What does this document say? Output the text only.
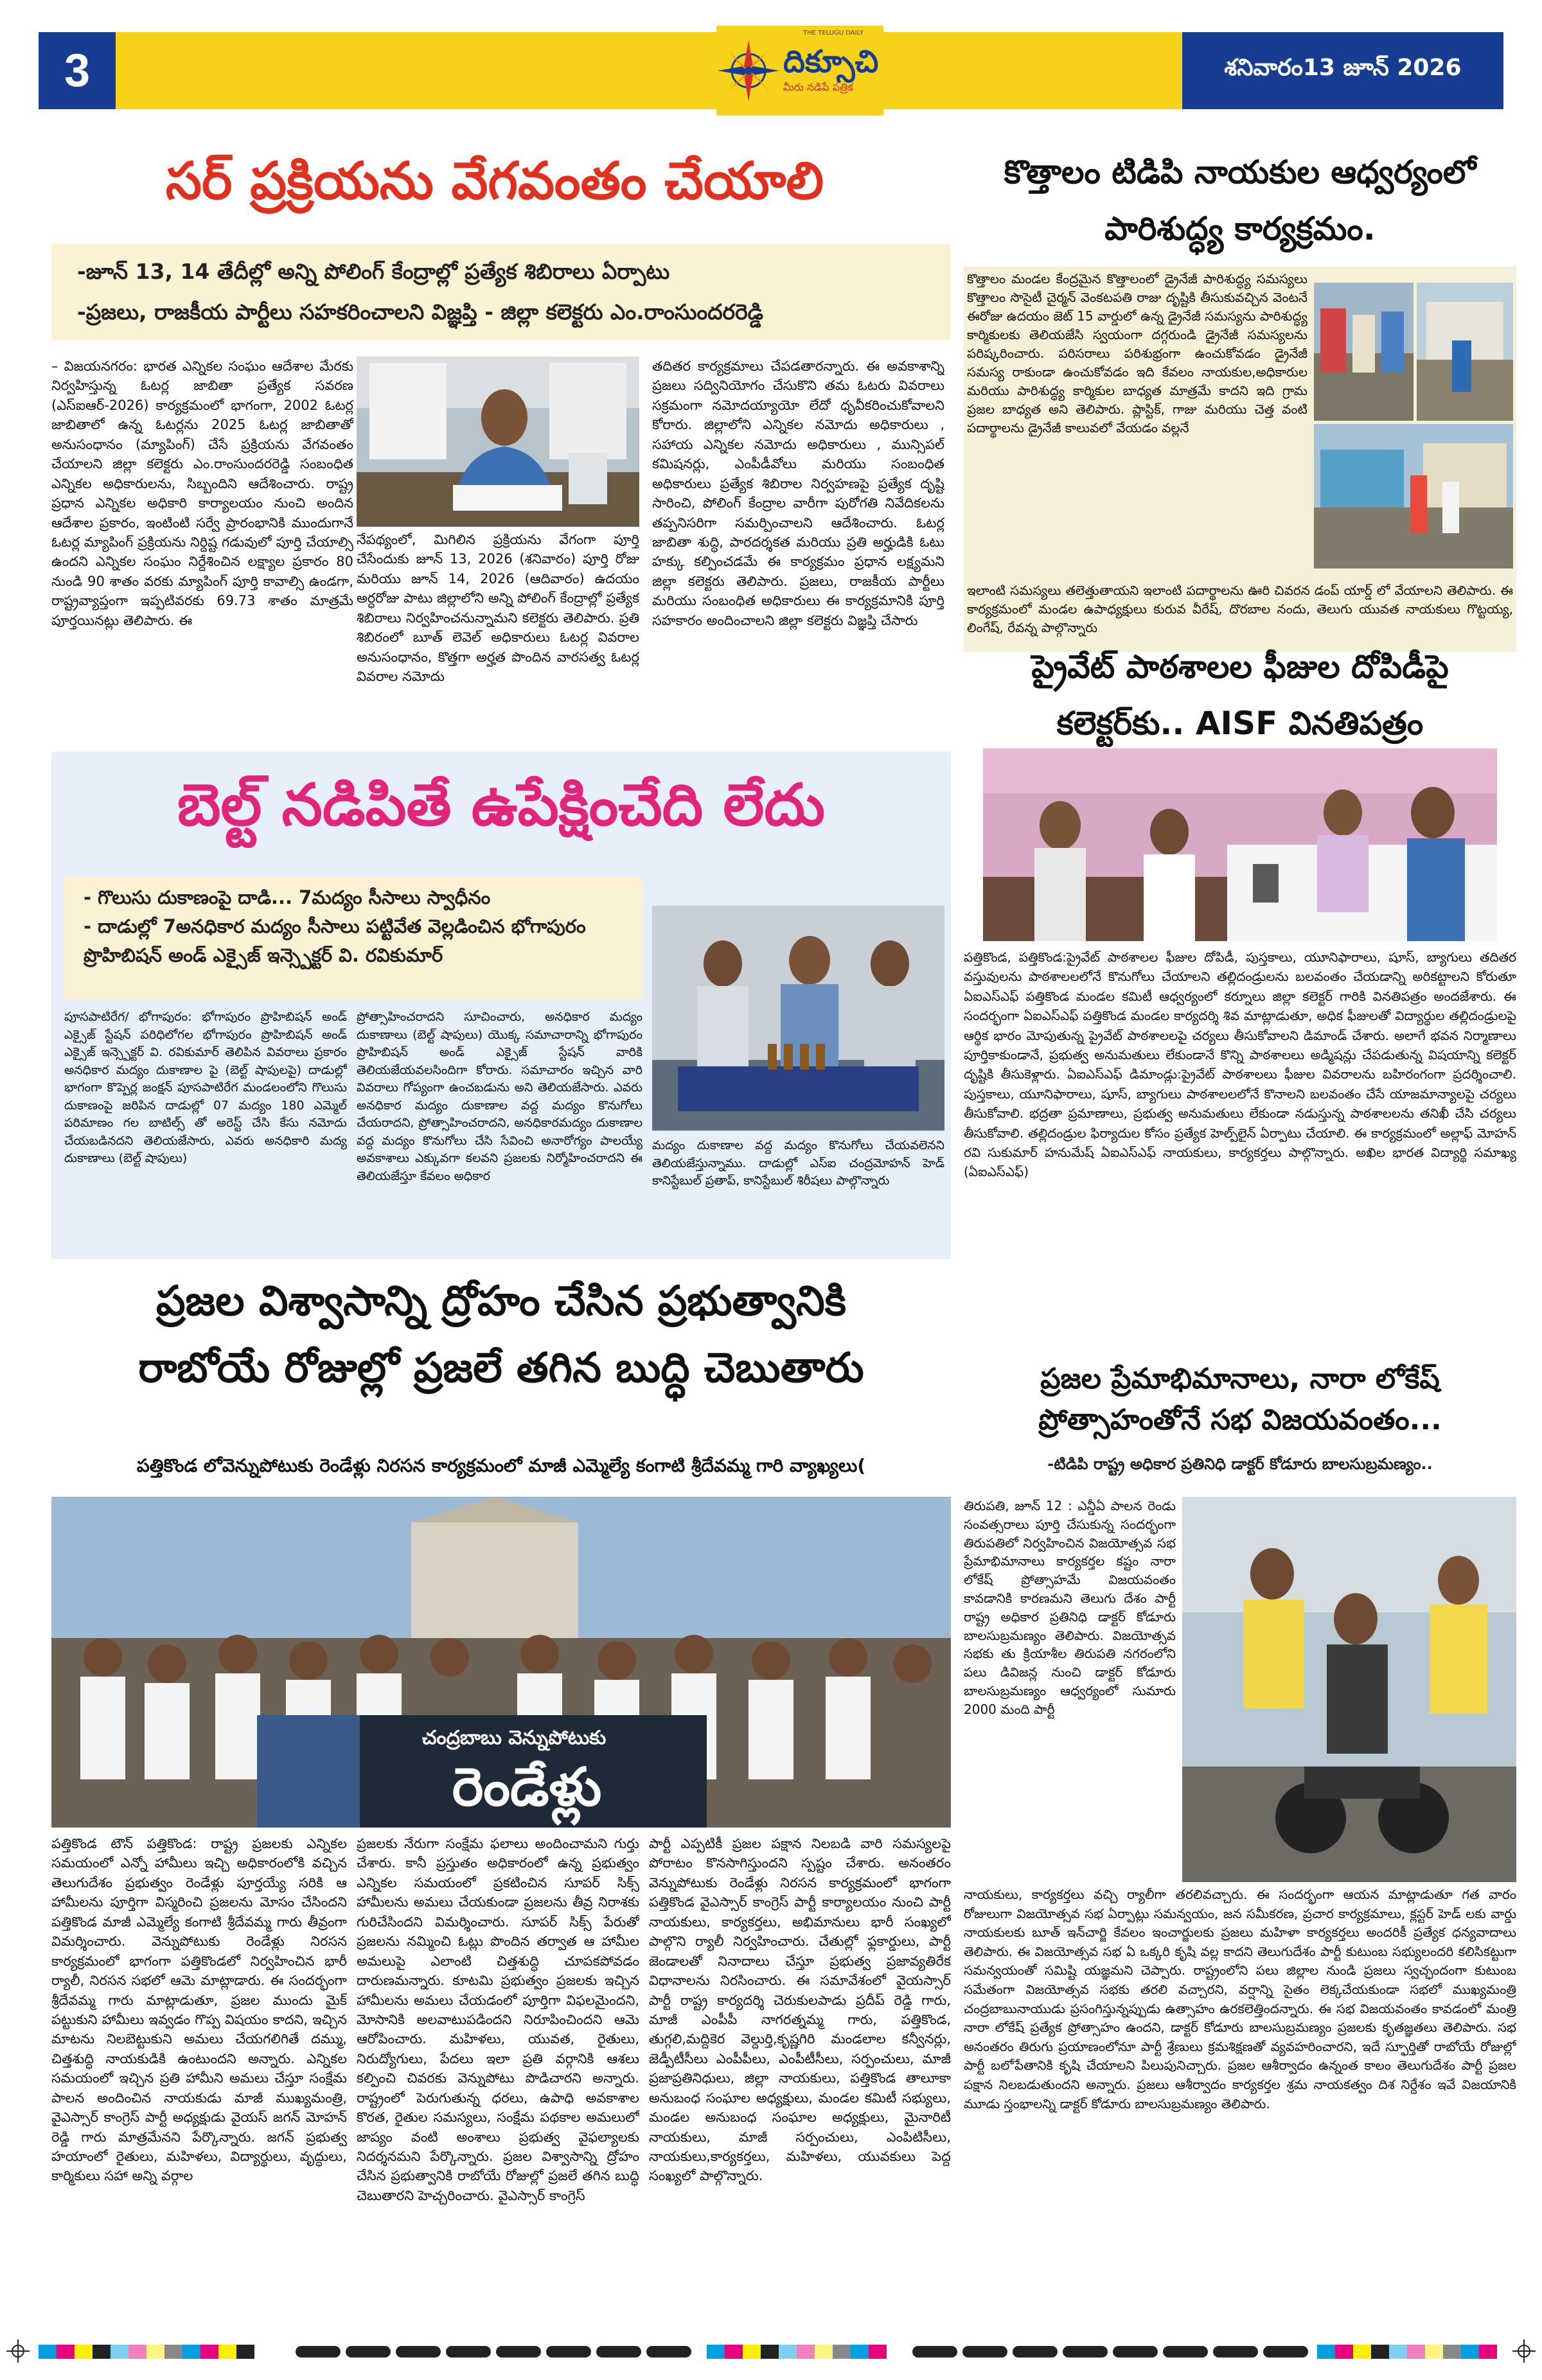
3	శనివారం13 జూన్ 2026
దిక్సూచి
మీరు నడిపే పత్రిక
THE TELUGU DAILY
సర్ ప్రక్రియను వేగవంతం చేయాలి

-జూన్ 13, 14 తేదీల్లో అన్ని పోలింగ్ కేంద్రాల్లో ప్రత్యేక శిబిరాలు ఏర్పాటు

-ప్రజలు, రాజకీయ పార్టీలు సహకరించాలని విజ్ఞప్తి - జిల్లా కలెక్టరు ఎం.రాంసుందరరెడ్డి

– విజయనగరం: భారత ఎన్నికల సంఘం ఆదేశాల మేరకు నిర్వహిస్తున్న ఓటర్ల జాబితా ప్రత్యేక సవరణ (ఎస్ఐఆర్-2026) కార్యక్రమంలో భాగంగా, 2002 ఓటర్ల జాబితాలో ఉన్న ఓటర్లను 2025 ఓటర్ల జాబితాతో అనుసంధానం (మ్యాపింగ్) చేసే ప్రక్రియను వేగవంతం చేయాలని జిల్లా కలెక్టరు ఎం.రాంసుందరరెడ్డి సంబంధిత ఎన్నికల అధికారులను, సిబ్బందిని ఆదేశించారు. రాష్ట్ర ప్రధాన ఎన్నికల అధికారి కార్యాలయం నుంచి అందిన ఆదేశాల ప్రకారం, ఇంటింటి సర్వే ప్రారంభానికి ముందుగానే ఓటర్ల మ్యాపింగ్ ప్రక్రియను నిర్దిష్ట గడువులో పూర్తి చేయాల్సి ఉందని ఎన్నికల సంఘం నిర్దేశించిన లక్ష్యాల ప్రకారం 80 నుండి 90 శాతం వరకు మ్యాపింగ్ పూర్తి కావాల్సి ఉండగా, రాష్ట్రవ్యాప్తంగా ఇప్పటివరకు 69.73 శాతం మాత్రమే పూర్తయినట్లు తెలిపారు. ఈ
నేపథ్యంలో, మిగిలిన ప్రక్రియను వేగంగా పూర్తి చేసేందుకు జూన్ 13, 2026 (శనివారం) పూర్తి రోజు మరియు జూన్ 14, 2026 (ఆదివారం) ఉదయం అర్ధరోజు పాటు జిల్లాలోని అన్ని పోలింగ్ కేంద్రాల్లో ప్రత్యేక శిబిరాలు నిర్వహించనున్నామని కలెక్టరు తెలిపారు. ప్రతి శిబిరంలో బూత్ లెవెల్ అధికారులు ఓటర్ల వివరాల అనుసంధానం, కొత్తగా అర్హత పొందిన వారసత్వ ఓటర్ల వివరాల నమోదు
తదితర కార్యక్రమాలు చేపడతారన్నారు. ఈ అవకాశాన్ని ప్రజలు సద్వినియోగం చేసుకొని తమ ఓటరు వివరాలు సక్రమంగా నమోదయ్యాయో లేదో ధృవీకరించుకోవాలని కోరారు. జిల్లాలోని ఎన్నికల నమోదు అధికారులు , సహాయ ఎన్నికల నమోదు అధికారులు , మున్సిపల్ కమిషనర్లు, ఎంపీడీవోలు మరియు సంబంధిత అధికారులు ప్రత్యేక శిబిరాల నిర్వహణపై ప్రత్యేక దృష్టి సారించి, పోలింగ్ కేంద్రాల వారీగా పురోగతి నివేదికలను తప్పనిసరిగా సమర్పించాలని ఆదేశించారు. ఓటర్ల జాబితా శుద్ధి, పారదర్శకత మరియు ప్రతి అర్హుడికి ఓటు హక్కు కల్పించడమే ఈ కార్యక్రమం ప్రధాన లక్ష్యమని జిల్లా కలెక్టరు తెలిపారు. ప్రజలు, రాజకీయ పార్టీలు మరియు సంబంధిత అధికారులు ఈ కార్యక్రమానికి పూర్తి సహకారం అందించాలని జిల్లా కలెక్టరు విజ్ఞప్తి చేసారు
కొత్తాలం టిడిపి నాయకుల ఆధ్వర్యంలో పారిశుద్ధ్య కార్యక్రమం.
కొత్తాలం మండల కేంద్రమైన కొత్తాలంలో డ్రైనేజీ పారిశుద్ధ్య సమస్యలు కొత్తాలం సొసైటీ చైర్మన్ వెంకటపతి రాజు దృష్టికి తీసుకువచ్చిన వెంటనే ఈరోజు ఉదయం జెట్ 15 వార్డులో ఉన్న డ్రైనేజీ సమస్యను పారిశుద్ధ్య కార్మికులకు తెలియజేసి స్వయంగా దగ్గరుండి డ్రైనేజీ సమస్యలను పరిష్కరించారు. పరిసరాలు పరిశుభ్రంగా ఉంచుకోవడం డ్రైనేజీ సమస్య రాకుండా ఉంచుకోవడం ఇది కేవలం నాయకుల,అధికారుల మరియు పారిశుద్ధ్య కార్మికుల బాధ్యత మాత్రమే కాదని ఇది గ్రామ ప్రజల బాధ్యత అని తెలిపారు. ప్లాస్టిక్, గాజు మరియు చెత్త వంటి పదార్థాలను డ్రైనేజీ కాలువలో వేయడం వల్లనే
ఇలాంటి సమస్యలు తలెత్తుతాయని ఇలాంటి పదార్థాలను ఊరి చివరన డంప్ యార్డ్ లో వేయాలని తెలిపారు. ఈ కార్యక్రమంలో మండల ఉపాధ్యక్షులు కురువ వీరేష్, దొరబాల నందు, తెలుగు యువత నాయకులు గొట్టయ్య, లింగేష్, రేవన్న పాల్గొన్నారు
ప్రైవేట్ పాఠశాలల ఫీజుల దోపిడీపై కలెక్టర్‌కు.. AISF వినతిపత్రం
పత్తికొండ, పత్తికొండ:ప్రైవేట్ పాఠశాలల ఫీజుల దోపిడీ, పుస్తకాలు, యూనిఫారాలు, షూస్, బ్యాగులు తదితర వస్తువులను పాఠశాలలలోనే కొనుగోలు చేయాలని తల్లిదండ్రులను బలవంతం చేయడాన్ని అరికట్టాలని కోరుతూ ఏఐఎస్ఎఫ్ పత్తికొండ మండల కమిటీ ఆధ్వర్యంలో కర్నూలు జిల్లా కలెక్టర్ గారికి వినతిపత్రం అందజేశారు. ఈ సందర్భంగా ఏఐఎస్ఎఫ్ పత్తికొండ మండల కార్యదర్శి శివ మాట్లాడుతూ, అధిక ఫీజులతో విద్యార్థుల తల్లిదండ్రులపై ఆర్థిక భారం మోపుతున్న ప్రైవేట్ పాఠశాలలపై చర్యలు తీసుకోవాలని డిమాండ్ చేశారు. అలాగే భవన నిర్మాణాలు పూర్తికాకుండానే, ప్రభుత్వ అనుమతులు లేకుండానే కొన్ని పాఠశాలలు అడ్మిషన్లు చేపడుతున్న విషయాన్ని కలెక్టర్ దృష్టికి తీసుకెళ్లారు. ఏఐఎస్ఎఫ్ డిమాండ్లు:ప్రైవేట్ పాఠశాలలు ఫీజుల వివరాలను బహిరంగంగా ప్రదర్శించాలి. పుస్తకాలు, యూనిఫారాలు, షూస్, బ్యాగులు పాఠశాలలలోనే కొనాలని బలవంతం చేసే యాజమాన్యాలపై చర్యలు తీసుకోవాలి. భద్రతా ప్రమాణాలు, ప్రభుత్వ అనుమతులు లేకుండా నడుస్తున్న పాఠశాలలను తనిఖీ చేసి చర్యలు తీసుకోవాలి. తల్లిదండ్రుల ఫిర్యాదుల కోసం ప్రత్యేక హెల్ప్‌లైన్ ఏర్పాటు చేయాలి. ఈ కార్యక్రమంలో అల్లాఫ్ మోహన్ రవి సుకుమార్ హనుమేష్ ఏఐఎస్ఎఫ్ నాయకులు, కార్యకర్తలు పాల్గొన్నారు. అఖిల భారత విద్యార్థి సమాఖ్య (ఏఐఎస్ఎఫ్)
బెల్ట్ నడిపితే ఉపేక్షించేది లేదు

- గొలుసు దుకాణంపై దాడి... 7మద్యం సీసాలు స్వాధీనం

- దాడుల్లో 7అనధికార మద్యం సీసాలు పట్టివేత వెల్లడించిన భోగాపురం ప్రొహిబిషన్ అండ్ ఎక్సైజ్ ఇన్స్పెక్టర్ వి. రవికుమార్

పూసపాటిరేగ/ భోగాపురం: భోగాపురం ప్రొహిబిషన్ అండ్ ఎక్సైజ్ స్టేషన్ పరిధిలోగల భోగాపురం ప్రొహిబిషన్ అండ్ ఎక్సైజ్ ఇన్స్పెక్టర్ వి. రవికుమార్ తెలిపిన వివరాలు ప్రకారం అనధికార మద్యం దుకాణాల పై (బెల్ట్ షాపులపై) దాడుల్లో భాగంగా కొప్పెర్ల జంక్షన్ పూసపాటిరేగ మండలంలోని గొలుసు దుకాణంపై జరిపిన దాడుల్లో 07 మద్యం 180 ఎమ్మెల్ పరిమాణం గల బాటిల్స్ తో అరెస్ట్ చేసి కేసు నమోదు చేయబడినదని తెలియజేసారు, ఎవరు అనధికారి మద్య దుకాణాలు (బెల్ట్ షాపులు)
ప్రోత్సాహించరాదని సూచించారు, అనధికార మద్యం దుకాణాలు (బెల్ట్ షాపులు) యొక్క సమాచారాన్ని భోగాపురం ప్రొహిబిషన్ అండ్ ఎక్సైజ్ స్టేషన్ వారికి తెలియజేయవలసిందిగా కోరారు. సమాచారం ఇచ్చిన వారి వివరాలు గోప్యంగా ఉంచబడును అని తెలియజేసారు. ఎవరు అనధికార మద్యం దుకాణాల వద్ద మద్యం కొనుగోలు చేయరాదని, ప్రోత్సాహించరాదని, అనధికారమద్యం దుకాణాల వద్ద మద్యం కొనుగోలు చేసి సేవించి అనారోగ్యం పాలయ్యే అవకాశాలు ఎక్కువగా కలవని ప్రజలకు నిర్మోహించరాదని ఈ తెలియజేస్తూ కేవలం అధికార
మద్యం దుకాణాల వద్ద మద్యం కొనుగోలు చేయవలెనని తెలియజేస్తున్నాము. దాడుల్లో ఎస్ఐ చంద్రమోహన్ హెడ్ కానిస్టేబుల్ ప్రతాప్, కానిస్టేబుల్ శిరీషలు పాల్గొన్నారు
ప్రజల విశ్వాసాన్ని ద్రోహం చేసిన ప్రభుత్వానికి
రాబోయే రోజుల్లో ప్రజలే తగిన బుద్ధి చెబుతారు
పత్తికొండ లోవెన్నుపోటుకు రెండేళ్లు నిరసన కార్యక్రమంలో మాజీ ఎమ్మెల్యే కంగాటి శ్రీదేవమ్మ గారి వ్యాఖ్యలు(
చంద్రబాబు వెన్నుపోటుకు
రెండేళ్లు
పత్తికొండ టౌన్ పత్తికొండ: రాష్ట్ర ప్రజలకు ఎన్నికల సమయంలో ఎన్నో హామీలు ఇచ్చి అధికారంలోకి వచ్చిన తెలుగుదేశం ప్రభుత్వం రెండేళ్లు పూర్తయ్యే సరికి ఆ హామీలను పూర్తిగా విస్మరించి ప్రజలను మోసం చేసిందని పత్తికొండ మాజీ ఎమ్మెల్యే కంగాటి శ్రీదేవమ్మ గారు తీవ్రంగా విమర్శించారు. వెన్నుపోటుకు రెండేళ్లు నిరసన కార్యక్రమంలో భాగంగా పత్తికొండలో నిర్వహించిన భారీ ర్యాలీ, నిరసన సభలో ఆమె మాట్లాడారు. ఈ సందర్భంగా శ్రీదేవమ్మ గారు మాట్లాడుతూ, ప్రజల ముందు మైక్ పట్టుకుని హామీలు ఇవ్వడం గొప్ప విషయం కాదని, ఇచ్చిన మాటను నిలబెట్టుకుని అమలు చేయగలిగితే దమ్ము, చిత్తశుద్ధి నాయకుడికి ఉంటుందని అన్నారు. ఎన్నికల సమయంలో ఇచ్చిన ప్రతి హామీని అమలు చేస్తూ సంక్షేమ పాలన అందించిన నాయకుడు మాజీ ముఖ్యమంత్రి, వైఎస్సార్ కాంగ్రెస్ పార్టీ అధ్యక్షుడు వైయస్ జగన్ మోహన్ రెడ్డి గారు మాత్రమేనని పేర్కొన్నారు. జగన్ ప్రభుత్వ హయాంలో రైతులు, మహిళలు, విద్యార్థులు, వృద్ధులు, కార్మికులు సహా అన్ని వర్గాల
ప్రజలకు నేరుగా సంక్షేమ ఫలాలు అందించామని గుర్తు చేశారు. కానీ ప్రస్తుతం అధికారంలో ఉన్న ప్రభుత్వం ఎన్నికల సమయంలో ప్రకటించిన సూపర్ సిక్స్ హామీలను అమలు చేయకుండా ప్రజలను తీవ్ర నిరాశకు గురిచేసిందని విమర్శించారు. సూపర్ సిక్స్ పేరుతో ప్రజలను నమ్మించి ఓట్లు పొందిన తర్వాత ఆ హామీల అమలుపై ఎలాంటి చిత్తశుద్ధి చూపకపోవడం దారుణమన్నారు. కూటమి ప్రభుత్వం ప్రజలకు ఇచ్చిన హామీలను అమలు చేయడంలో పూర్తిగా విఫలమైందని, మోసానికి అలవాటుపడిందని నిరూపించిందని ఆమె ఆరోపించారు. మహిళలు, యువత, రైతులు, నిరుద్యోగులు, పేదలు ఇలా ప్రతి వర్గానికి ఆశలు కల్పించి చివరకు వెన్నుపోటు పొడిచారని అన్నారు. రాష్ట్రంలో పెరుగుతున్న ధరలు, ఉపాధి అవకాశాల కొరత, రైతుల సమస్యలు, సంక్షేమ పథకాల అమలులో జాప్యం వంటి అంశాలు ప్రభుత్వ వైఫల్యాలకు నిదర్శనమని పేర్కొన్నారు. ప్రజల విశ్వాసాన్ని ద్రోహం చేసిన ప్రభుత్వానికి రాబోయే రోజుల్లో ప్రజలే తగిన బుద్ధి చెబుతారని హెచ్చరించారు. వైఎస్సార్ కాంగ్రెస్
పార్టీ ఎప్పటికీ ప్రజల పక్షాన నిలబడి వారి సమస్యలపై పోరాటం కొనసాగిస్తుందని స్పష్టం చేశారు. అనంతరం వెన్నుపోటుకు రెండేళ్లు నిరసన కార్యక్రమంలో భాగంగా పత్తికొండ వైఎస్సార్ కాంగ్రెస్ పార్టీ కార్యాలయం నుంచి పార్టీ నాయకులు, కార్యకర్తలు, అభిమానులు భారీ సంఖ్యలో పాల్గొని ర్యాలీ నిర్వహించారు. చేతుల్లో ఫ్లకార్డులు, పార్టీ జెండాలతో నినాదాలు చేస్తూ ప్రభుత్వ ప్రజావ్యతిరేక విధానాలను నిరసించారు. ఈ సమావేశంలో వైయస్సార్ పార్టీ రాష్ట్ర కార్యదర్శి చెరుకులపాడు ప్రదీప్ రెడ్డి గారు, మాజీ ఎంపీపీ నాగరత్నమ్మ గారు, పత్తికొండ, తుగ్గలి,మద్దికెర వెల్దుర్తి,కృష్ణగిరి మండలాల కన్వీనర్లు, జెడ్పీటీసీలు ఎంపీపీలు, ఎంపీటీసీలు, సర్పంచులు, మాజీ ప్రజాప్రతినిధులు, జిల్లా నాయకులు, పత్తికొండ తాలూకా అనుబంధ సంఘాల అధ్యక్షులు, మండల కమిటీ సభ్యులు, మండల అనుబంధ సంఘాల అధ్యక్షులు, మైనారిటీ నాయకులు, మాజీ సర్పంచులు, ఎంపిటిసీలు, నాయకులు,కార్యకర్తలు, మహిళలు, యువకులు పెద్ద సంఖ్యలో పాల్గొన్నారు.
ప్రజల ప్రేమాభిమానాలు, నారా లోకేష్ ప్రోత్సాహంతోనే సభ విజయవంతం...
-టిడిపి రాష్ట్ర అధికార ప్రతినిధి డాక్టర్ కోడూరు బాలసుబ్రమణ్యం..
తిరుపతి, జూన్ 12 : ఎన్డీఏ పాలన రెండు సంవత్సరాలు పూర్తి చేసుకున్న సందర్భంగా తిరుపతిలో నిర్వహించిన విజయోత్సవ సభ ప్రేమాభిమానాలు కార్యకర్తల కష్టం నారా లోకేష్ ప్రోత్సాహమే విజయవంతం కావడానికి కారణమని తెలుగు దేశం పార్టీ రాష్ట్ర అధికార ప్రతినిధి డాక్టర్ కోడూరు బాలసుబ్రమణ్యం తెలిపారు. విజయోత్సవ సభకు తు క్రియాశీల తిరుపతి నగరంలోని పలు డివిజన్ల నుంచి డాక్టర్ కోడూరు బాలసుబ్రమణ్యం ఆధ్వర్యంలో సుమారు 2000 మంది పార్టీ
నాయకులు, కార్యకర్తలు వచ్చి ర్యాలీగా తరలివచ్చారు. ఈ సందర్భంగా ఆయన మాట్లాడుతూ గత వారం రోజులుగా విజయోత్సవ సభ ఏర్పాట్లు సమన్వయం, జన సమీకరణ, ప్రచార కార్యక్రమాలు, క్లస్టర్ హెడ్ లకు వార్డు నాయకులకు బూత్ ఇన్‌చార్జి కేవలం ఇంచార్జులకు ప్రజలు మహిళా కార్యకర్తలు అందరికీ ప్రత్యేక ధన్యవాదాలు తెలిపారు. ఈ విజయోత్సవ సభ ఏ ఒక్కరి కృషి వల్ల కాదని తెలుగుదేశం పార్టీ కుటుంబ సభ్యులందరి కలిసికట్టుగా సమన్వయంతో సమిష్టి యజ్ఞమని చెప్పారు. రాష్ట్రంలోని పలు జిల్లాల నుండి ప్రజలు స్వచ్ఛందంగా కుటుంబ సమేతంగా విజయోత్సవ సభకు తరలి వచ్చారని, వర్షాన్ని సైతం లెక్కచేయకుండా సభలో ముఖ్యమంత్రి చంద్రబాబునాయుడు ప్రసంగిస్తున్నప్పుడు ఉత్సాహం ఉరకలెత్తిందన్నారు. ఈ సభ విజయవంతం కావడంలో మంత్రి నారా లోకేష్ ప్రత్యేక ప్రోత్సాహం ఉందని, డాక్టర్ కోడూరు బాలసుబ్రమణ్యం ప్రజలకు కృతజ్ఞతలు తెలిపారు. సభ అనంతరం తిరుగు ప్రయాణంలోనూ పార్టీ శ్రేణులు క్రమశిక్షణతో వ్యవహరించారని, ఇదే స్ఫూర్తితో రాబోయే రోజుల్లో పార్టీ బలోపేతానికి కృషి చేయాలని పిలుపునిచ్చారు. ప్రజల ఆశీర్వాదం ఉన్నంత కాలం తెలుగుదేశం పార్టీ ప్రజల పక్షాన నిలబడుతుందని అన్నారు. ప్రజలు ఆశీర్వాదం కార్యకర్తల శ్రమ నాయకత్వం దిశ నిర్దేశం ఇవే విజయానికి మూడు స్తంభాలన్ని డాక్టర్ కోడూరు బాలసుబ్రమణ్యం తెలిపారు.
